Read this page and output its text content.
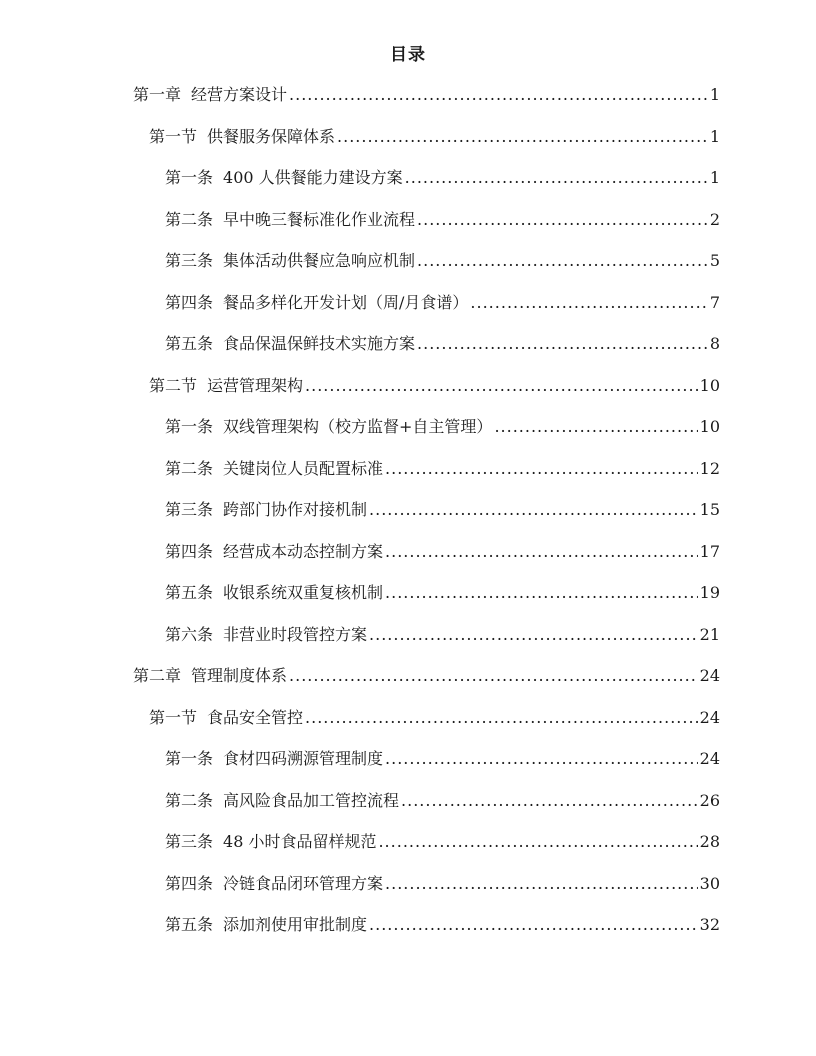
目录
第一章 经营方案设计 .....	1
第一节 供餐服务保障体系 .....	1
第一条 400 人供餐能力建设方案 .....	1
第二条 早中晚三餐标准化作业流程 .....	2
第三条 集体活动供餐应急响应机制 .....	5
第四条 餐品多样化开发计划（周/月食谱） .....	7
第五条 食品保温保鲜技术实施方案 .....	8
第二节 运营管理架构 .....	10
第一条 双线管理架构（校方监督+自主管理） .....	10
第二条 关键岗位人员配置标准 .....	12
第三条 跨部门协作对接机制 .....	15
第四条 经营成本动态控制方案 .....	17
第五条 收银系统双重复核机制 .....	19
第六条 非营业时段管控方案 .....	21
第二章 管理制度体系 .....	24
第一节 食品安全管控 .....	24
第一条 食材四码溯源管理制度 .....	24
第二条 高风险食品加工管控流程 .....	26
第三条 48 小时食品留样规范 .....	28
第四条 冷链食品闭环管理方案 .....	30
第五条 添加剂使用审批制度 .....	32
